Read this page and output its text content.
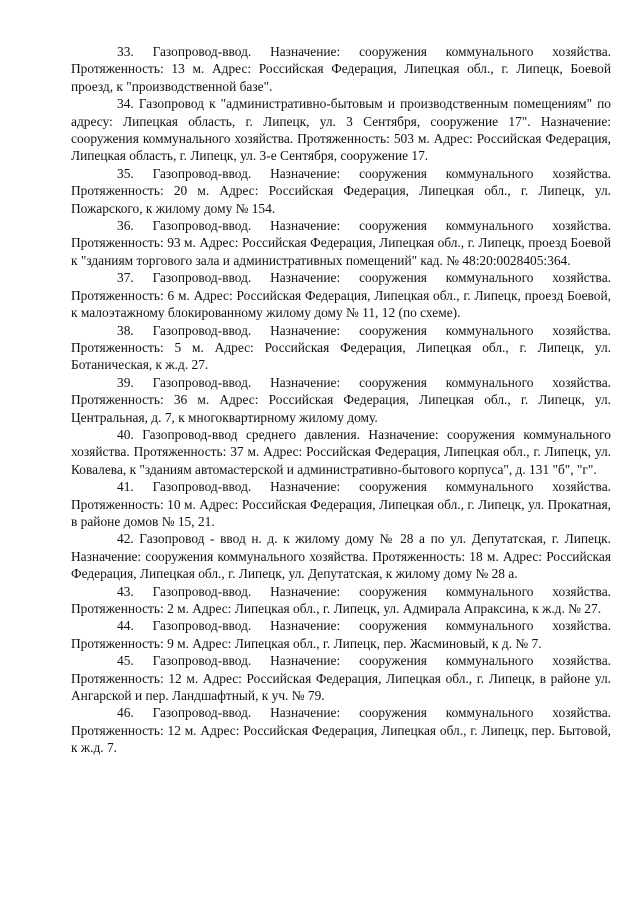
33. Газопровод-ввод. Назначение: сооружения коммунального хозяйства. Протяженность: 13 м. Адрес: Российская Федерация, Липецкая обл., г. Липецк, Боевой проезд, к "производственной базе".

34. Газопровод к "административно-бытовым и производственным помещениям" по адресу: Липецкая область, г. Липецк, ул. 3 Сентября, сооружение 17". Назначение: сооружения коммунального хозяйства. Протяженность: 503 м. Адрес: Российская Федерация, Липецкая область, г. Липецк, ул. 3-е Сентября, сооружение 17.

35. Газопровод-ввод. Назначение: сооружения коммунального хозяйства. Протяженность: 20 м. Адрес: Российская Федерация, Липецкая обл., г. Липецк, ул. Пожарского, к жилому дому № 154.

36. Газопровод-ввод. Назначение: сооружения коммунального хозяйства. Протяженность: 93 м. Адрес: Российская Федерация, Липецкая обл., г. Липецк, проезд Боевой к "зданиям торгового зала и административных помещений" кад. № 48:20:0028405:364.

37. Газопровод-ввод. Назначение: сооружения коммунального хозяйства. Протяженность: 6 м. Адрес: Российская Федерация, Липецкая обл., г. Липецк, проезд Боевой, к малоэтажному блокированному жилому дому № 11, 12 (по схеме).

38. Газопровод-ввод. Назначение: сооружения коммунального хозяйства. Протяженность: 5 м. Адрес: Российская Федерация, Липецкая обл., г. Липецк, ул. Ботаническая, к ж.д. 27.

39. Газопровод-ввод. Назначение: сооружения коммунального хозяйства. Протяженность: 36 м. Адрес: Российская Федерация, Липецкая обл., г. Липецк, ул. Центральная, д. 7, к многоквартирному жилому дому.

40. Газопровод-ввод среднего давления. Назначение: сооружения коммунального хозяйства. Протяженность: 37 м. Адрес: Российская Федерация, Липецкая обл., г. Липецк, ул. Ковалева, к "зданиям автомастерской и административно-бытового корпуса", д. 131 "б", "г".

41. Газопровод-ввод. Назначение: сооружения коммунального хозяйства. Протяженность: 10 м. Адрес: Российская Федерация, Липецкая обл., г. Липецк, ул. Прокатная, в районе домов № 15, 21.

42. Газопровод - ввод н. д. к жилому дому № 28 а по ул. Депутатская, г. Липецк. Назначение: сооружения коммунального хозяйства. Протяженность: 18 м. Адрес: Российская Федерация, Липецкая обл., г. Липецк, ул. Депутатская, к жилому дому № 28 а.

43. Газопровод-ввод. Назначение: сооружения коммунального хозяйства. Протяженность: 2 м. Адрес: Липецкая обл., г. Липецк, ул. Адмирала Апраксина, к ж.д. № 27.

44. Газопровод-ввод. Назначение: сооружения коммунального хозяйства. Протяженность: 9 м. Адрес: Липецкая обл., г. Липецк, пер. Жасминовый, к д. № 7.

45. Газопровод-ввод. Назначение: сооружения коммунального хозяйства. Протяженность: 12 м. Адрес: Российская Федерация, Липецкая обл., г. Липецк, в районе ул. Ангарской и пер. Ландшафтный, к уч. № 79.

46. Газопровод-ввод. Назначение: сооружения коммунального хозяйства. Протяженность: 12 м. Адрес: Российская Федерация, Липецкая обл., г. Липецк, пер. Бытовой, к ж.д. 7.
